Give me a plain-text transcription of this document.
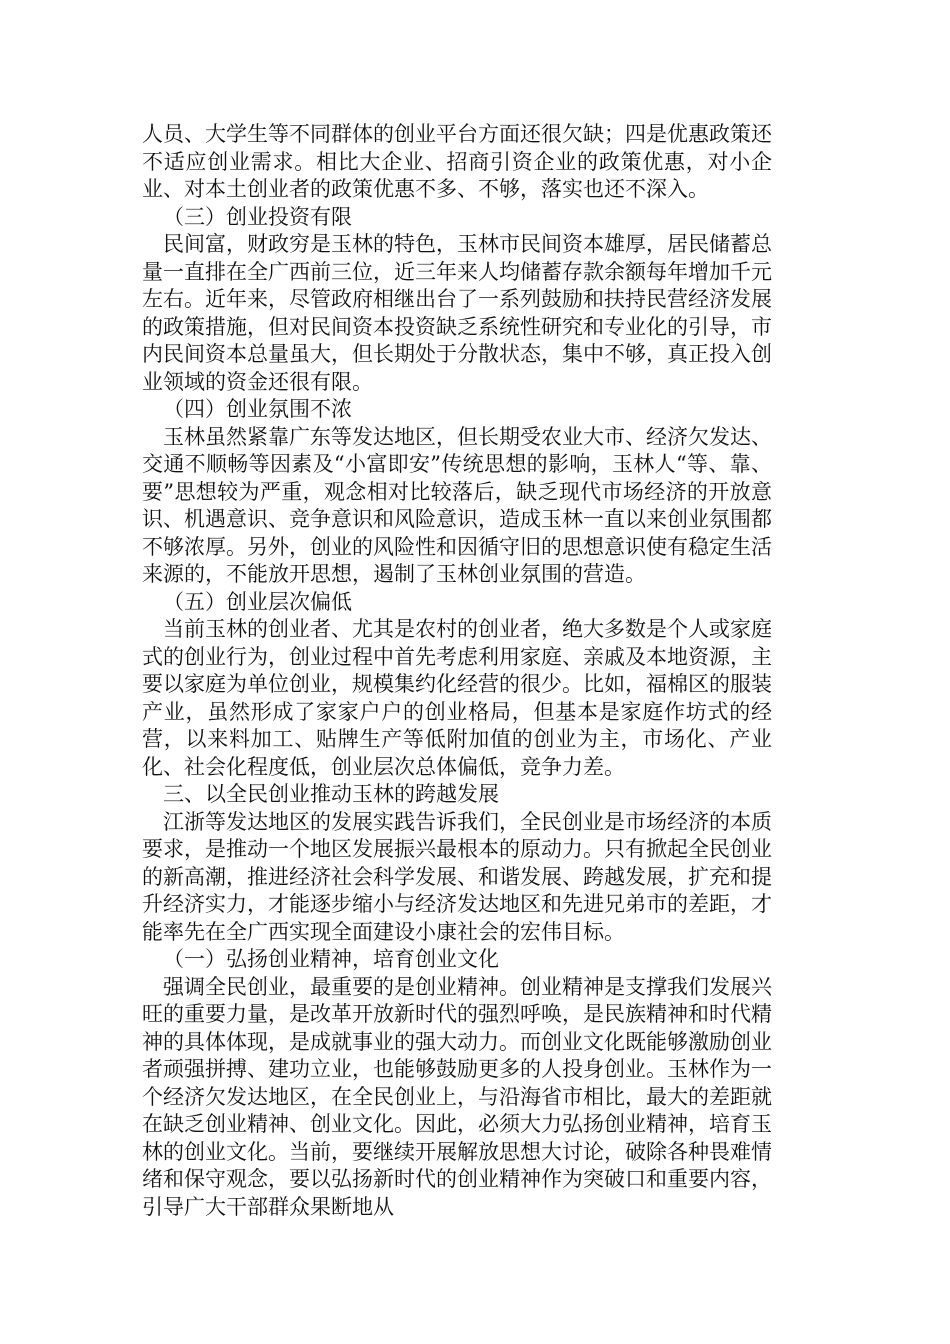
人员、大学生等不同群体的创业平台方面还很欠缺；四是优惠政策还不适应创业需求。相比大企业、招商引资企业的政策优惠，对小企业、对本土创业者的政策优惠不多、不够，落实也还不深入。

（三）创业投资有限

民间富，财政穷是玉林的特色，玉林市民间资本雄厚，居民储蓄总量一直排在全广西前三位，近三年来人均储蓄存款余额每年增加千元左右。近年来，尽管政府相继出台了一系列鼓励和扶持民营经济发展的政策措施，但对民间资本投资缺乏系统性研究和专业化的引导，市内民间资本总量虽大，但长期处于分散状态，集中不够，真正投入创业领域的资金还很有限。

（四）创业氛围不浓

玉林虽然紧靠广东等发达地区，但长期受农业大市、经济欠发达、交通不顺畅等因素及“小富即安”传统思想的影响，玉林人“等、靠、要”思想较为严重，观念相对比较落后，缺乏现代市场经济的开放意识、机遇意识、竞争意识和风险意识，造成玉林一直以来创业氛围都不够浓厚。另外，创业的风险性和因循守旧的思想意识使有稳定生活来源的，不能放开思想，遏制了玉林创业氛围的营造。

（五）创业层次偏低

当前玉林的创业者、尤其是农村的创业者，绝大多数是个人或家庭式的创业行为，创业过程中首先考虑利用家庭、亲戚及本地资源，主要以家庭为单位创业，规模集约化经营的很少。比如，福棉区的服装产业，虽然形成了家家户户的创业格局，但基本是家庭作坊式的经营，以来料加工、贴牌生产等低附加值的创业为主，市场化、产业化、社会化程度低，创业层次总体偏低，竞争力差。

三、以全民创业推动玉林的跨越发展

江浙等发达地区的发展实践告诉我们，全民创业是市场经济的本质要求，是推动一个地区发展振兴最根本的原动力。只有掀起全民创业的新高潮，推进经济社会科学发展、和谐发展、跨越发展，扩充和提升经济实力，才能逐步缩小与经济发达地区和先进兄弟市的差距，才能率先在全广西实现全面建设小康社会的宏伟目标。

（一）弘扬创业精神，培育创业文化

强调全民创业，最重要的是创业精神。创业精神是支撑我们发展兴旺的重要力量，是改革开放新时代的强烈呼唤，是民族精神和时代精神的具体体现，是成就事业的强大动力。而创业文化既能够激励创业者顽强拼搏、建功立业，也能够鼓励更多的人投身创业。玉林作为一个经济欠发达地区，在全民创业上，与沿海省市相比，最大的差距就在缺乏创业精神、创业文化。因此，必须大力弘扬创业精神，培育玉林的创业文化。当前，要继续开展解放思想大讨论，破除各种畏难情绪和保守观念，要以弘扬新时代的创业精神作为突破口和重要内容，引导广大干部群众果断地从
